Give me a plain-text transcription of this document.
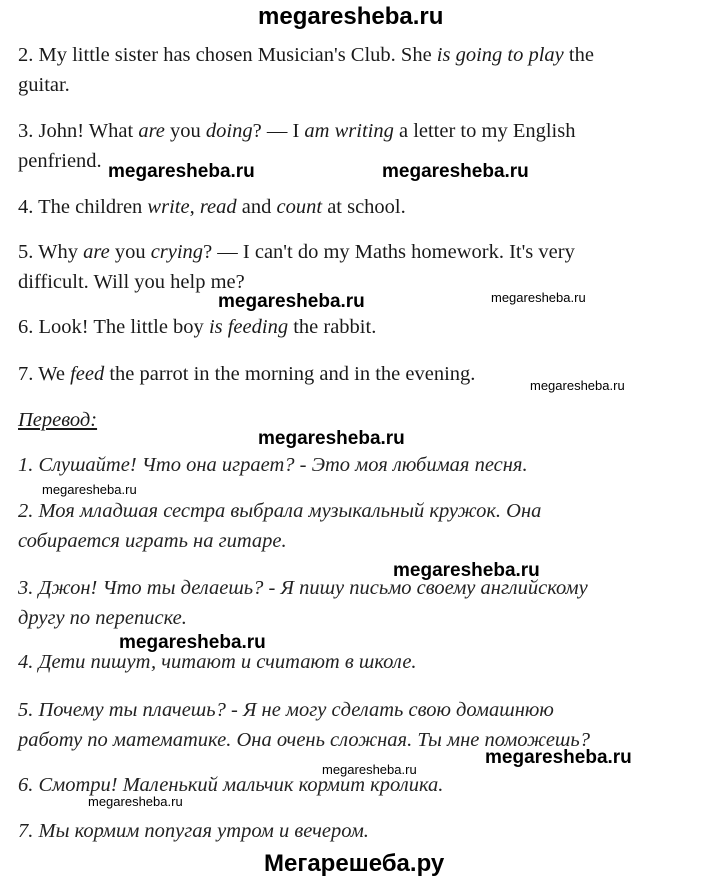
megaresheba.ru

2. My little sister has chosen Musician's Club. She is going to play the

guitar.

3. John! What are you doing? — I am writing a letter to my English

penfriend.

4. The children write, read and count at school.

5. Why are you crying? — I can't do my Maths homework. It's very

difficult. Will you help me?

6. Look! The little boy is feeding the rabbit.

7. We feed the parrot in the morning and in the evening.

Перевод:

1. Слушайте! Что она играет? - Это моя любимая песня.

2. Моя младшая сестра выбрала музыкальный кружок. Она

собирается играть на гитаре.

3. Джон! Что ты делаешь? - Я пишу письмо своему английскому

другу по переписке.

4. Дети пишут, читают и считают в школе.

5. Почему ты плачешь? - Я не могу сделать свою домашнюю

работу по математике. Она очень сложная. Ты мне поможешь?

6. Смотри! Маленький мальчик кормит кролика.

7. Мы кормим попугая утром и вечером.

megaresheba.ru	megaresheba.ru
megaresheba.ru	megaresheba.ru
megaresheba.ru
megaresheba.ru
megaresheba.ru
megaresheba.ru
megaresheba.ru
megaresheba.ru
megaresheba.ru
megaresheba.ru
Мегарешеба.ру
